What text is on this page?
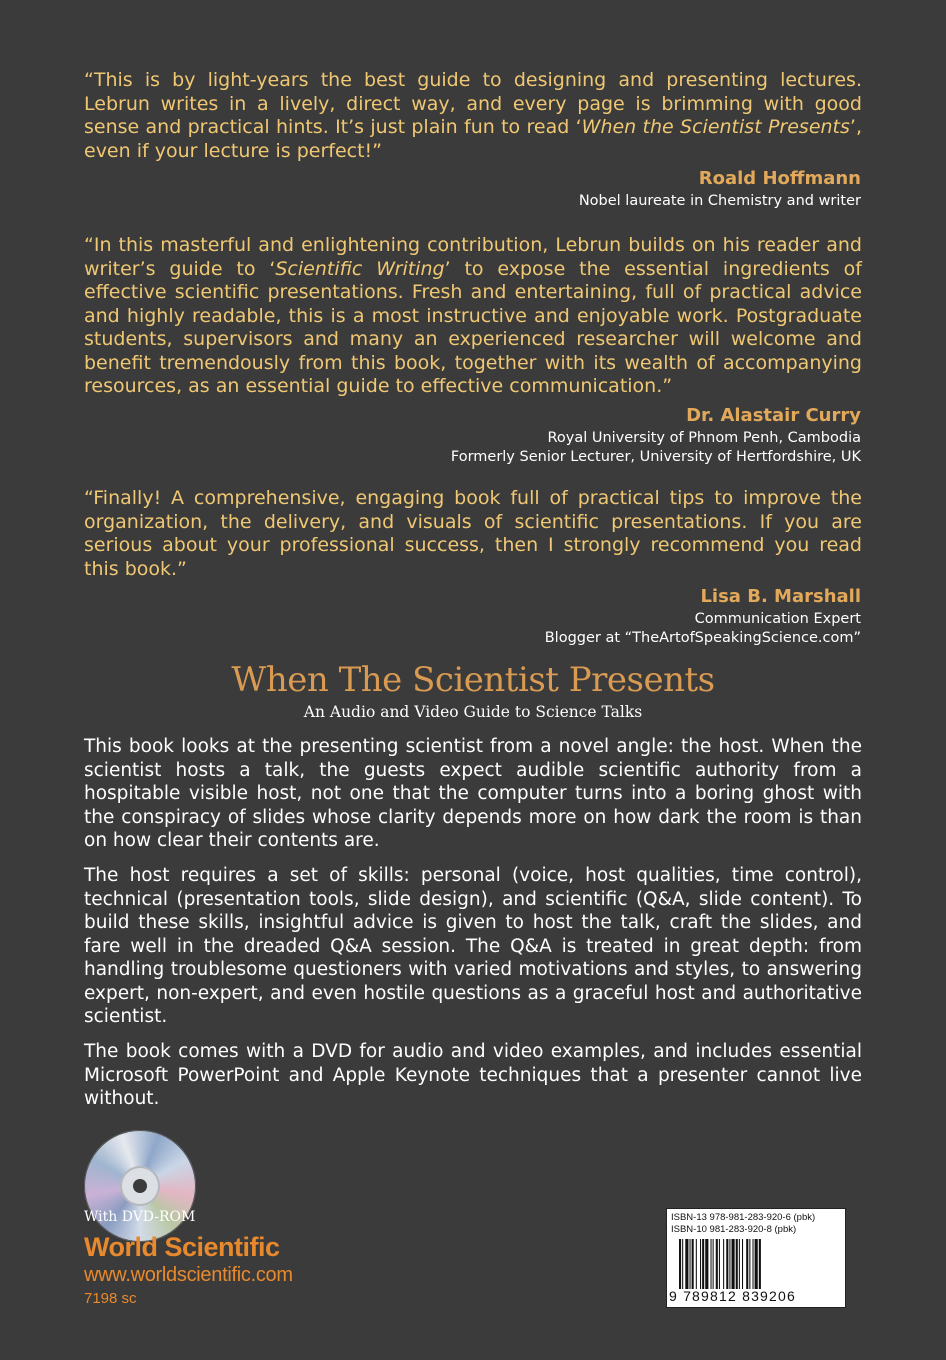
“This is by light-years the best guide to designing and presenting lectures. Lebrun writes in a lively, direct way, and every page is brimming with good sense and practical hints. It’s just plain fun to read ‘When the Scientist Presents’, even if your lecture is perfect!”

Roald Hoffmann
Nobel laureate in Chemistry and writer

“In this masterful and enlightening contribution, Lebrun builds on his reader and writer’s guide to ‘Scientific Writing’ to expose the essential ingredients of effective scientific presentations. Fresh and entertaining, full of practical advice and highly readable, this is a most instructive and enjoyable work. Postgraduate students, supervisors and many an experienced researcher will welcome and benefit tremendously from this book, together with its wealth of accompanying resources, as an essential guide to effective communication.”

Dr. Alastair Curry
Royal University of Phnom Penh, Cambodia
Formerly Senior Lecturer, University of Hertfordshire, UK

“Finally! A comprehensive, engaging book full of practical tips to improve the organization, the delivery, and visuals of scientific presentations. If you are serious about your professional success, then I strongly recommend you read this book.”

Lisa B. Marshall
Communication Expert
Blogger at “TheArtofSpeakingScience.com”
When The Scientist Presents
An Audio and Video Guide to Science Talks

This book looks at the presenting scientist from a novel angle: the host. When the scientist hosts a talk, the guests expect audible scientific authority from a hospitable visible host, not one that the computer turns into a boring ghost with the conspiracy of slides whose clarity depends more on how dark the room is than on how clear their contents are.

The host requires a set of skills: personal (voice, host qualities, time control), technical (presentation tools, slide design), and scientific (Q&A, slide content). To build these skills, insightful advice is given to host the talk, craft the slides, and fare well in the dreaded Q&A session. The Q&A is treated in great depth: from handling troublesome questioners with varied motivations and styles, to answering expert, non-expert, and even hostile questions as a graceful host and authoritative scientist.

The book comes with a DVD for audio and video examples, and includes essential Microsoft PowerPoint and Apple Keynote techniques that a presenter cannot live without.

With DVD-ROM
World Scientific
www.worldscientific.com
7198 sc
ISBN-13 978-981-283-920-6 (pbk)
ISBN-10 981-283-920-8 (pbk)
9 789812 839206
